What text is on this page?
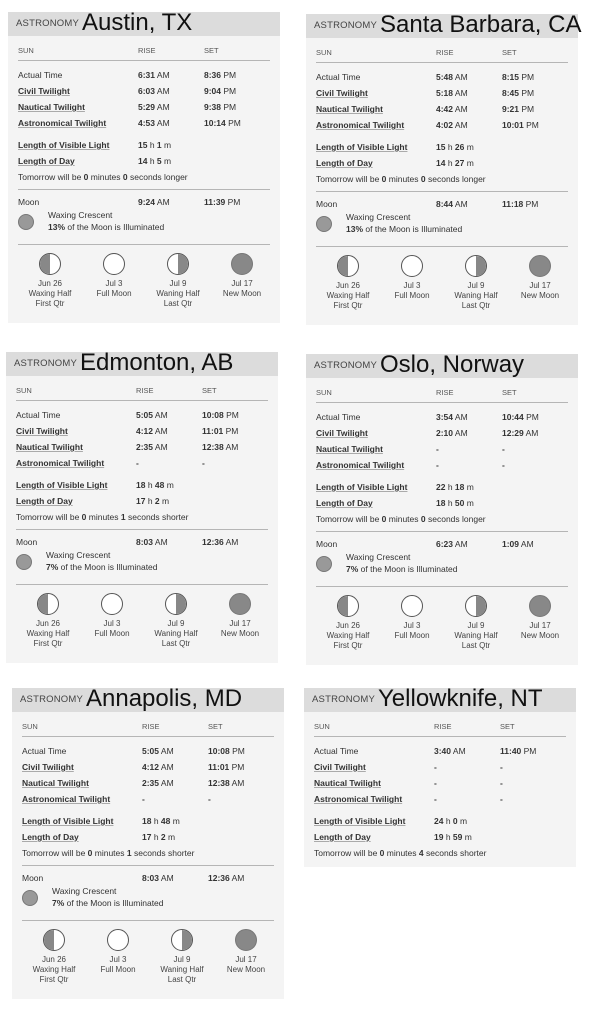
ASTRONOMY Austin, TX
SUN	RISE	SET
Actual Time	6:31 AM	8:36 PM
Civil Twilight	6:03 AM	9:04 PM
Nautical Twilight	5:29 AM	9:38 PM
Astronomical Twilight	4:53 AM	10:14 PM
Length of Visible Light	15 h 1 m
Length of Day	14 h 5 m
Tomorrow will be 0 minutes 0 seconds longer
Moon	9:24 AM	11:39 PM
Waxing Crescent
13% of the Moon is Illuminated
Jun 26
Waxing Half
First Qtr
Jul 3
Full Moon
Jul 9
Waning Half
Last Qtr
Jul 17
New Moon
ASTRONOMY Santa Barbara, CA
SUN	RISE	SET
Actual Time	5:48 AM	8:15 PM
Civil Twilight	5:18 AM	8:45 PM
Nautical Twilight	4:42 AM	9:21 PM
Astronomical Twilight	4:02 AM	10:01 PM
Length of Visible Light	15 h 26 m
Length of Day	14 h 27 m
Tomorrow will be 0 minutes 0 seconds longer
Moon	8:44 AM	11:18 PM
Waxing Crescent
13% of the Moon is Illuminated
Jun 26
Waxing Half
First Qtr
Jul 3
Full Moon
Jul 9
Waning Half
Last Qtr
Jul 17
New Moon
ASTRONOMY Edmonton, AB
SUN	RISE	SET
Actual Time	5:05 AM	10:08 PM
Civil Twilight	4:12 AM	11:01 PM
Nautical Twilight	2:35 AM	12:38 AM
Astronomical Twilight	-	-
Length of Visible Light	18 h 48 m
Length of Day	17 h 2 m
Tomorrow will be 0 minutes 1 seconds shorter
Moon	8:03 AM	12:36 AM
Waxing Crescent
7% of the Moon is Illuminated
Jun 26
Waxing Half
First Qtr
Jul 3
Full Moon
Jul 9
Waning Half
Last Qtr
Jul 17
New Moon
ASTRONOMY Oslo, Norway
SUN	RISE	SET
Actual Time	3:54 AM	10:44 PM
Civil Twilight	2:10 AM	12:29 AM
Nautical Twilight	-	-
Astronomical Twilight	-	-
Length of Visible Light	22 h 18 m
Length of Day	18 h 50 m
Tomorrow will be 0 minutes 0 seconds longer
Moon	6:23 AM	1:09 AM
Waxing Crescent
7% of the Moon is Illuminated
Jun 26
Waxing Half
First Qtr
Jul 3
Full Moon
Jul 9
Waning Half
Last Qtr
Jul 17
New Moon
ASTRONOMY Annapolis, MD
SUN	RISE	SET
Actual Time	5:05 AM	10:08 PM
Civil Twilight	4:12 AM	11:01 PM
Nautical Twilight	2:35 AM	12:38 AM
Astronomical Twilight	-	-
Length of Visible Light	18 h 48 m
Length of Day	17 h 2 m
Tomorrow will be 0 minutes 1 seconds shorter
Moon	8:03 AM	12:36 AM
Waxing Crescent
7% of the Moon is Illuminated
Jun 26
Waxing Half
First Qtr
Jul 3
Full Moon
Jul 9
Waning Half
Last Qtr
Jul 17
New Moon
ASTRONOMY Yellowknife, NT
SUN	RISE	SET
Actual Time	3:40 AM	11:40 PM
Civil Twilight	-	-
Nautical Twilight	-	-
Astronomical Twilight	-	-
Length of Visible Light	24 h 0 m
Length of Day	19 h 59 m
Tomorrow will be 0 minutes 4 seconds shorter
